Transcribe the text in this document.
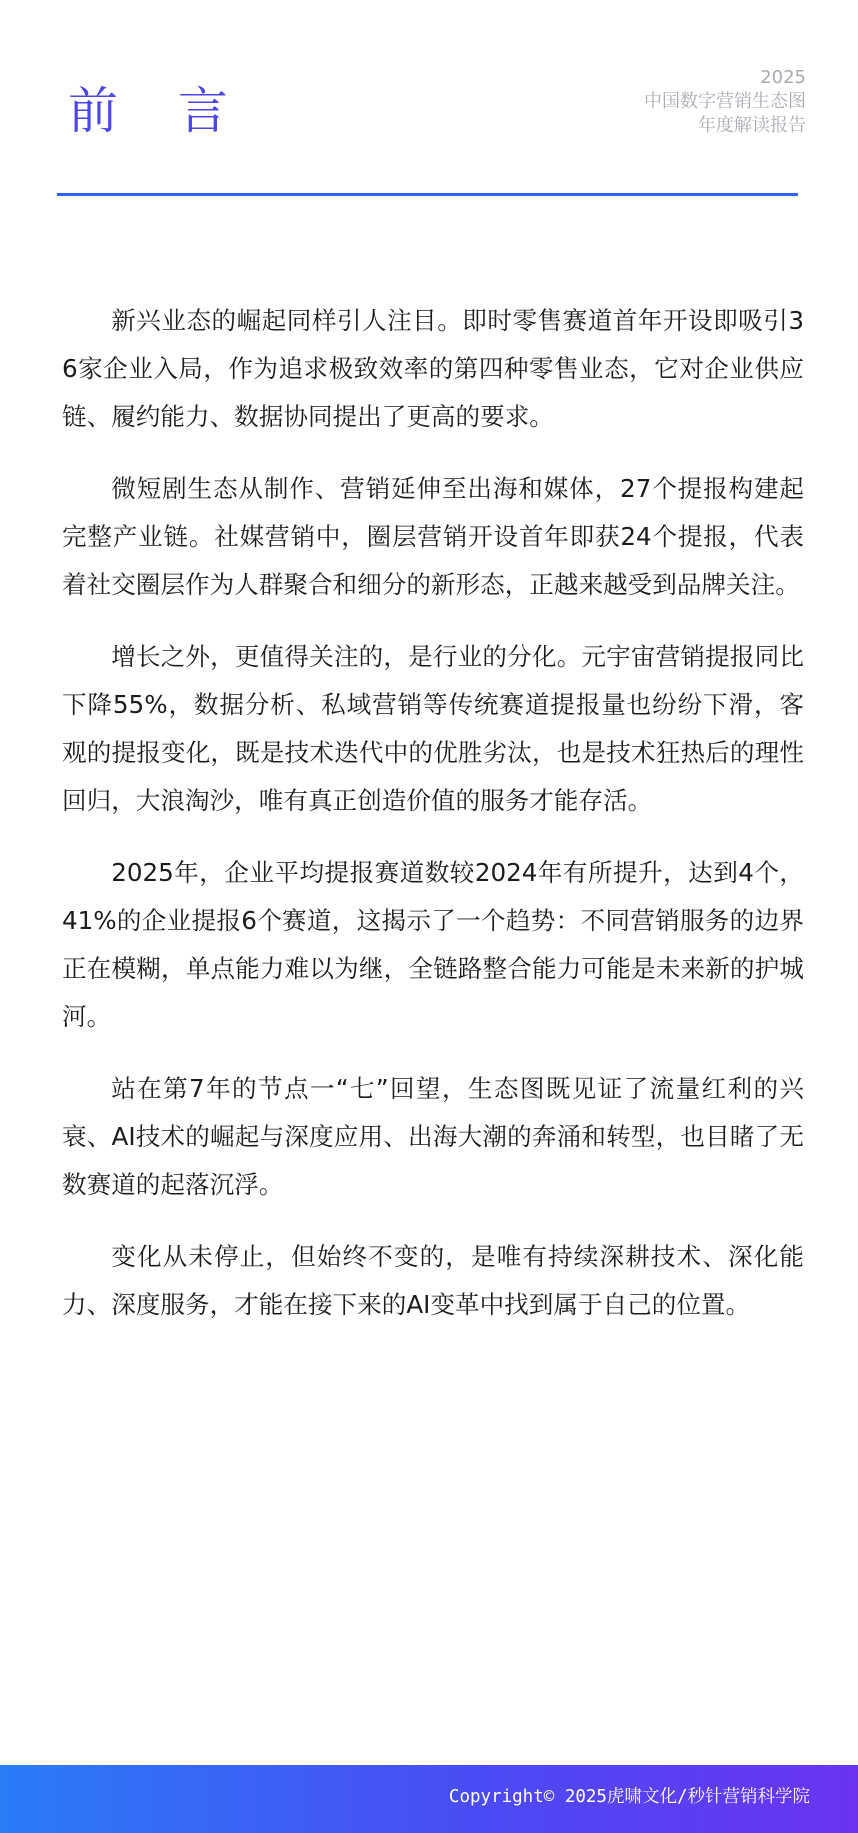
前 言
2025
中国数字营销生态图
年度解读报告

新兴业态的崛起同样引人注目。即时零售赛道首年开设即吸引36家企业入局，作为追求极致效率的第四种零售业态，它对企业供应链、履约能力、数据协同提出了更高的要求。

微短剧生态从制作、营销延伸至出海和媒体，27个提报构建起完整产业链。社媒营销中，圈层营销开设首年即获24个提报，代表着社交圈层作为人群聚合和细分的新形态，正越来越受到品牌关注。

增长之外，更值得关注的，是行业的分化。元宇宙营销提报同比下降55%，数据分析、私域营销等传统赛道提报量也纷纷下滑，客观的提报变化，既是技术迭代中的优胜劣汰，也是技术狂热后的理性回归，大浪淘沙，唯有真正创造价值的服务才能存活。

2025年，企业平均提报赛道数较2024年有所提升，达到4个，41%的企业提报6个赛道，这揭示了一个趋势：不同营销服务的边界正在模糊，单点能力难以为继，全链路整合能力可能是未来新的护城河。

站在第7年的节点一“七”回望，生态图既见证了流量红利的兴衰、AI技术的崛起与深度应用、出海大潮的奔涌和转型，也目睹了无数赛道的起落沉浮。

变化从未停止，但始终不变的，是唯有持续深耕技术、深化能力、深度服务，才能在接下来的AI变革中找到属于自己的位置。

Copyright© 2025虎啸文化/秒针营销科学院
